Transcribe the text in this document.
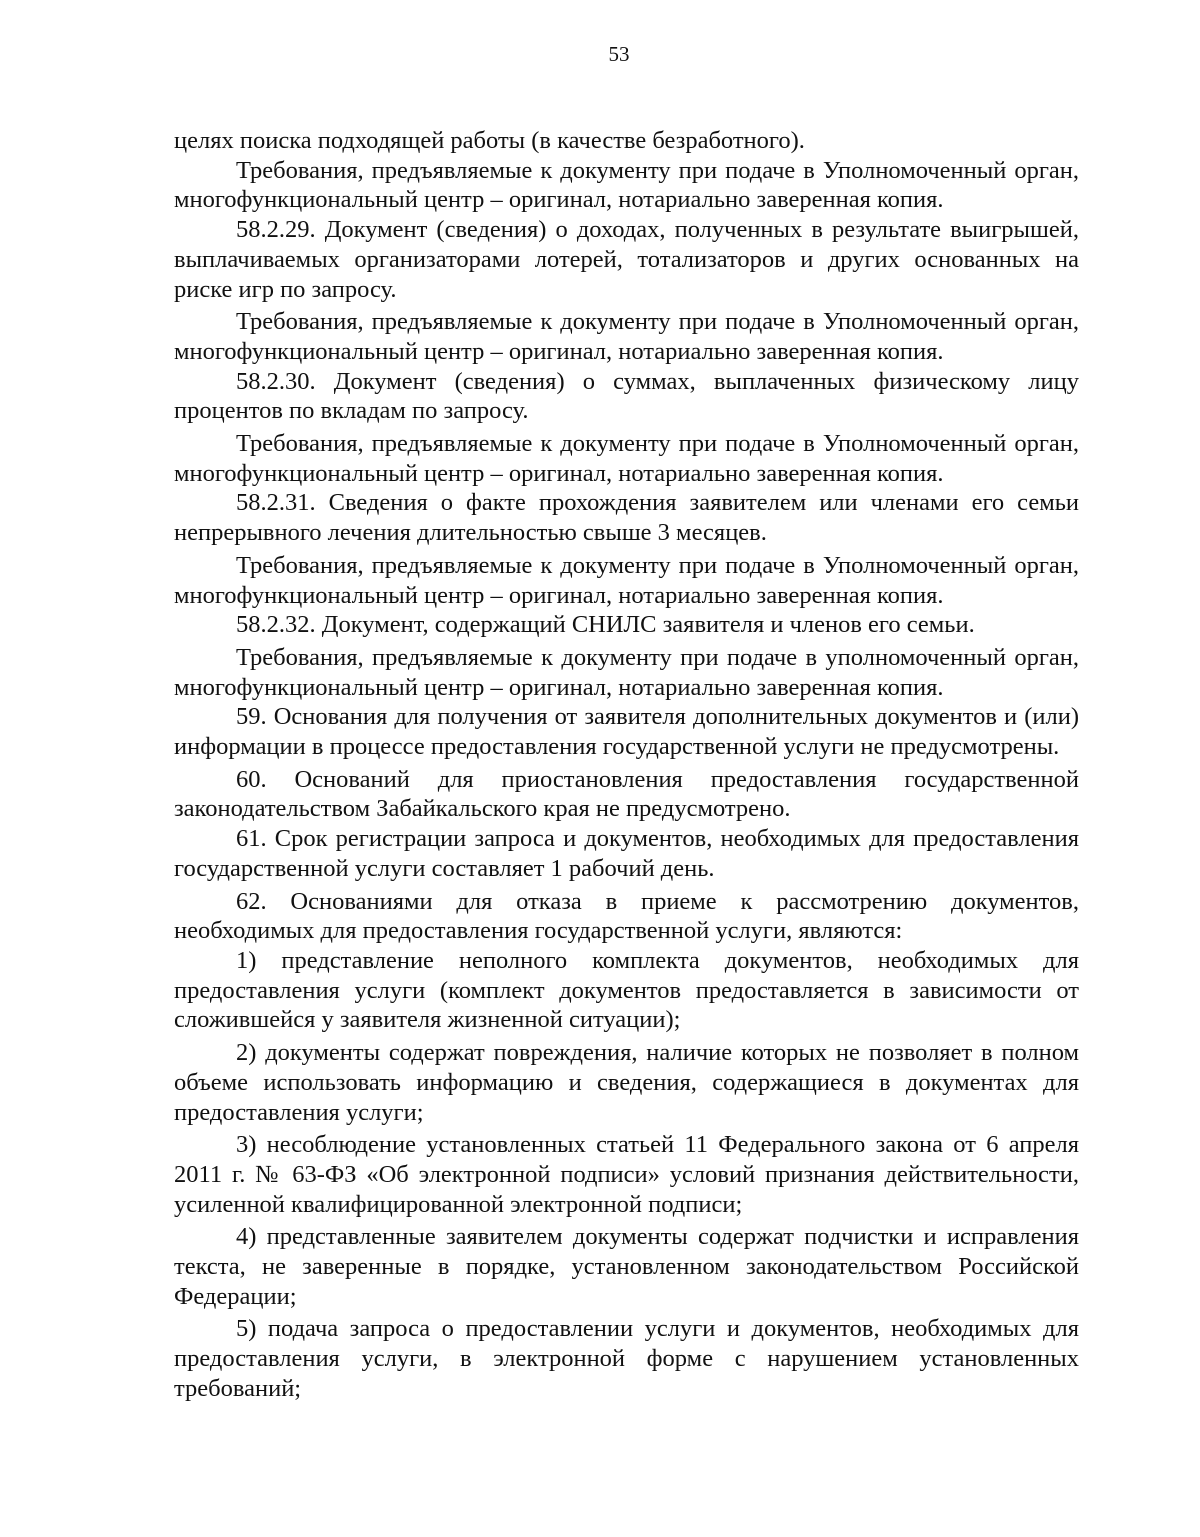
53

целях поиска подходящей работы (в качестве безработного).

Требования, предъявляемые к документу при подаче в Уполномоченный орган, многофункциональный центр – оригинал, нотариально заверенная копия.

58.2.29. Документ (сведения) о доходах, полученных в результате выигрышей, выплачиваемых организаторами лотерей, тотализаторов и других основанных на риске игр по запросу.

Требования, предъявляемые к документу при подаче в Уполномоченный орган, многофункциональный центр – оригинал, нотариально заверенная копия.

58.2.30. Документ (сведения) о суммах, выплаченных физическому лицу процентов по вкладам по запросу.

Требования, предъявляемые к документу при подаче в Уполномоченный орган, многофункциональный центр – оригинал, нотариально заверенная копия.

58.2.31. Сведения о факте прохождения заявителем или членами его семьи непрерывного лечения длительностью свыше 3 месяцев.

Требования, предъявляемые к документу при подаче в Уполномоченный орган, многофункциональный центр – оригинал, нотариально заверенная копия.

58.2.32. Документ, содержащий СНИЛС заявителя и членов его семьи.

Требования, предъявляемые к документу при подаче в уполномоченный орган, многофункциональный центр – оригинал, нотариально заверенная копия.

59. Основания для получения от заявителя дополнительных документов и (или) информации в процессе предоставления государственной услуги не предусмотрены.

60. Оснований для приостановления предоставления государственной законодательством Забайкальского края не предусмотрено.

61. Срок регистрации запроса и документов, необходимых для предоставления государственной услуги составляет 1 рабочий день.

62. Основаниями для отказа в приеме к рассмотрению документов, необходимых для предоставления государственной услуги, являются:

1) представление неполного комплекта документов, необходимых для предоставления услуги (комплект документов предоставляется в зависимости от сложившейся у заявителя жизненной ситуации);

2) документы содержат повреждения, наличие которых не позволяет в полном объеме использовать информацию и сведения, содержащиеся в документах для предоставления услуги;

3) несоблюдение установленных статьей 11 Федерального закона от 6 апреля 2011 г. № 63-ФЗ «Об электронной подписи» условий признания действительности, усиленной квалифицированной электронной подписи;

4) представленные заявителем документы содержат подчистки и исправления текста, не заверенные в порядке, установленном законодательством Российской Федерации;

5) подача запроса о предоставлении услуги и документов, необходимых для предоставления услуги, в электронной форме с нарушением установленных требований;
